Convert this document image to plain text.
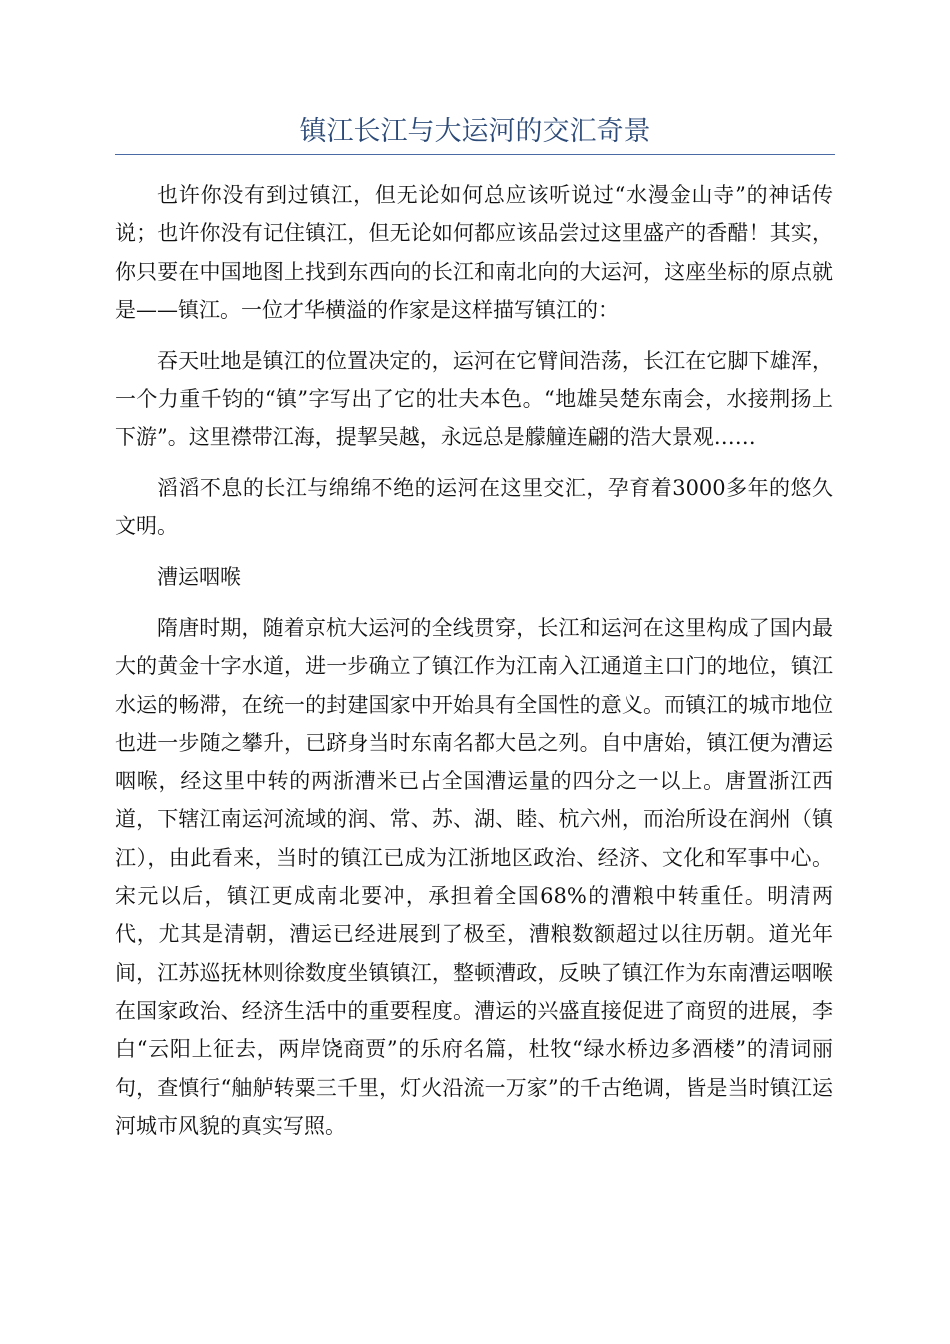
镇江长江与大运河的交汇奇景

也许你没有到过镇江，但无论如何总应该听说过“水漫金山寺”的神话传说；也许你没有记住镇江，但无论如何都应该品尝过这里盛产的香醋！其实，你只要在中国地图上找到东西向的长江和南北向的大运河，这座坐标的原点就是——镇江。一位才华横溢的作家是这样描写镇江的：

吞天吐地是镇江的位置决定的，运河在它臂间浩荡，长江在它脚下雄浑，一个力重千钧的“镇”字写出了它的壮夫本色。“地雄吴楚东南会，水接荆扬上下游”。这里襟带江海，提挈吴越，永远总是艨艟连翩的浩大景观……

滔滔不息的长江与绵绵不绝的运河在这里交汇，孕育着3000多年的悠久文明。

漕运咽喉

隋唐时期，随着京杭大运河的全线贯穿，长江和运河在这里构成了国内最大的黄金十字水道，进一步确立了镇江作为江南入江通道主口门的地位，镇江水运的畅滞，在统一的封建国家中开始具有全国性的意义。而镇江的城市地位也进一步随之攀升，已跻身当时东南名都大邑之列。自中唐始，镇江便为漕运咽喉，经这里中转的两浙漕米已占全国漕运量的四分之一以上。唐置浙江西道，下辖江南运河流域的润、常、苏、湖、睦、杭六州，而治所设在润州（镇江），由此看来，当时的镇江已成为江浙地区政治、经济、文化和军事中心。宋元以后，镇江更成南北要冲，承担着全国68%的漕粮中转重任。明清两代，尤其是清朝，漕运已经进展到了极至，漕粮数额超过以往历朝。道光年间，江苏巡抚林则徐数度坐镇镇江，整顿漕政，反映了镇江作为东南漕运咽喉在国家政治、经济生活中的重要程度。漕运的兴盛直接促进了商贸的进展，李白“云阳上征去，两岸饶商贾”的乐府名篇，杜牧“绿水桥边多酒楼”的清词丽句，查慎行“舳舻转粟三千里，灯火沿流一万家”的千古绝调，皆是当时镇江运河城市风貌的真实写照。
